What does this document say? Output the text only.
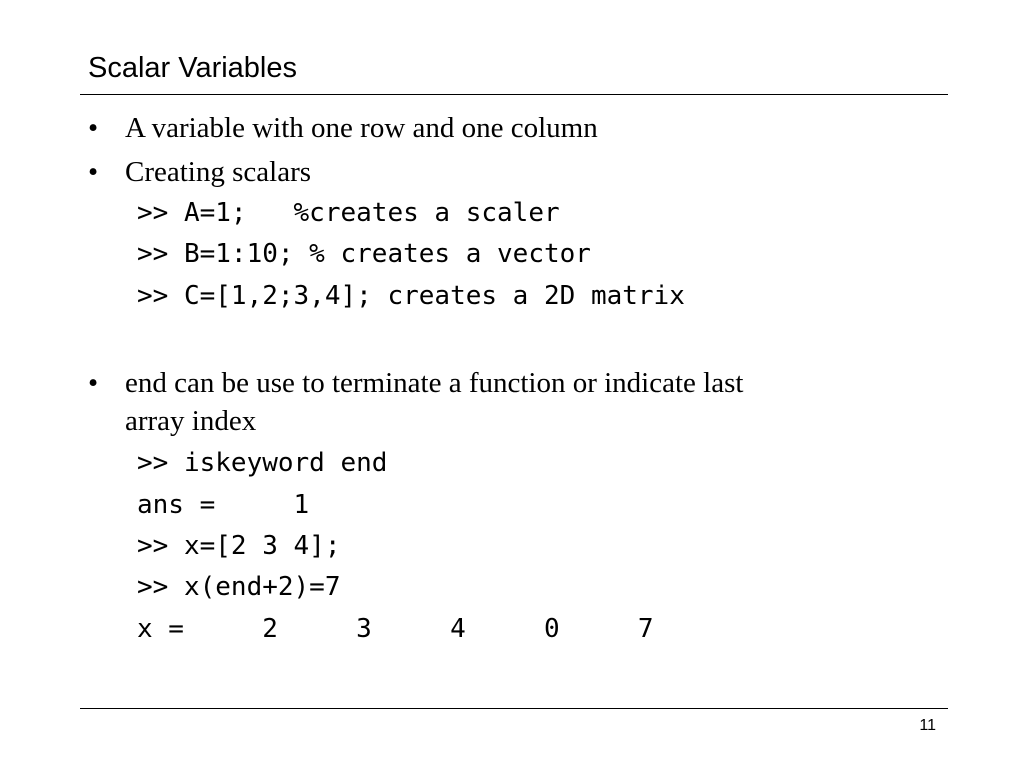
Scalar Variables
• A variable with one row and one column
• Creating scalars
>> A=1;   %creates a scaler
>> B=1:10; % creates a vector
>> C=[1,2;3,4]; creates a 2D matrix
• end can be use to terminate a function or indicate last
array index
>> iskeyword end
ans =     1
>> x=[2 3 4];
>> x(end+2)=7
x =     2     3     4     0     7
11
